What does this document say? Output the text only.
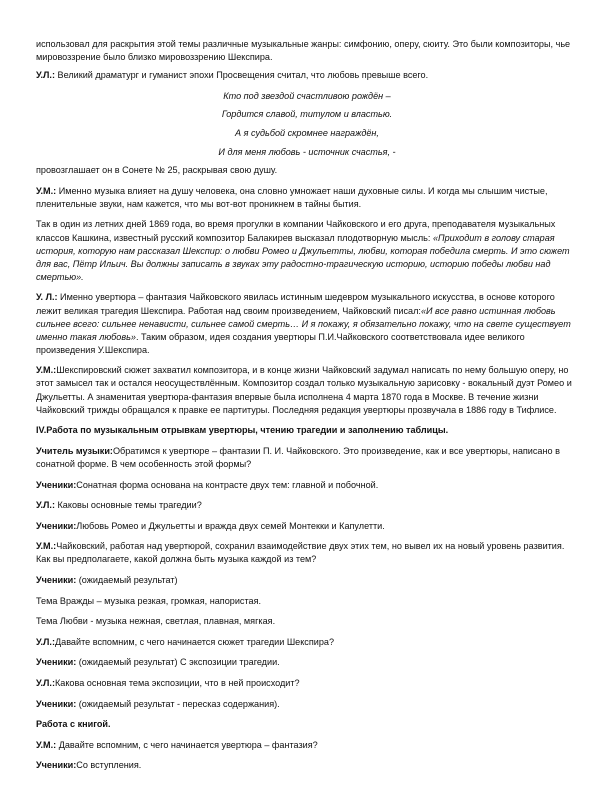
использовал для раскрытия этой темы различные музыкальные жанры: симфонию, оперу, сюиту. Это были композиторы, чье мировоззрение было близко мировоззрению Шекспира.

У.Л.: Великий драматург и гуманист эпохи Просвещения считал, что любовь превыше всего.

Кто под звездой счастливою рождён –

Гордится славой, титулом и властью.

А я судьбой скромнее награждён,

И для меня любовь - источник счастья, -

провозглашает он в Сонете № 25, раскрывая свою душу.

У.М.: Именно музыка влияет на душу человека, она словно умножает наши духовные силы. И когда мы слышим чистые, пленительные звуки, нам кажется, что мы вот-вот проникнем в тайны бытия.

Так в один из летних дней 1869 года, во время прогулки в компании Чайковского и его друга, преподавателя музыкальных классов Кашкина, известный русский композитор Балакирев высказал плодотворную мысль: «Приходит в голову старая история, которую нам рассказал Шекспир: о любви Ромео и Джульетты, любви, которая победила смерть. И это сюжет для вас, Пётр Ильич. Вы должны записать в звуках эту радостно-трагическую историю, историю победы любви над смертью».

У. Л.: Именно увертюра – фантазия Чайковского явилась истинным шедевром музыкального искусства, в основе которого лежит великая трагедия Шекспира. Работая над своим произведением, Чайковский писал:«И все равно истинная любовь сильнее всего: сильнее ненависти, сильнее самой смерть… И я покажу, я обязательно покажу, что на свете существует именно такая любовь». Таким образом, идея создания увертюры П.И.Чайковского соответствовала идее великого произведения У.Шекспира.

У.М.:Шекспировский сюжет захватил композитора, и в конце жизни Чайковский задумал написать по нему большую оперу, но этот замысел так и остался неосуществлённым. Композитор создал только музыкальную зарисовку - вокальный дуэт Ромео и Джульетты. А знаменитая увертюра-фантазия впервые была исполнена 4 марта 1870 года в Москве. В течение жизни Чайковский трижды обращался к правке ее партитуры. Последняя редакция увертюры прозвучала в 1886 году в Тифлисе.

IV.Работа по музыкальным отрывкам увертюры, чтению трагедии и заполнению таблицы.

Учитель музыки:Обратимся к увертюре – фантазии П. И. Чайковского. Это произведение, как и все увертюры, написано в сонатной форме. В чем особенность этой формы?

Ученики:Сонатная форма основана на контрасте двух тем: главной и побочной.

У.Л.: Каковы основные темы трагедии?

Ученики:Любовь Ромео и Джульетты и вражда двух семей Монтекки и Капулетти.

У.М.:Чайковский, работая над увертюрой, сохранил взаимодействие двух этих тем, но вывел их на новый уровень развития. Как вы предполагаете, какой должна быть музыка каждой из тем?

Ученики: (ожидаемый результат)

Тема Вражды – музыка резкая, громкая, напористая.

Тема Любви - музыка нежная, светлая, плавная, мягкая.

У.Л.:Давайте вспомним, с чего начинается сюжет трагедии Шекспира?

Ученики: (ожидаемый результат) С экспозиции трагедии.

У.Л.:Какова основная тема экспозиции, что в ней происходит?

Ученики: (ожидаемый результат - пересказ содержания).

Работа с книгой.

У.М.: Давайте вспомним, с чего начинается увертюра – фантазия?

Ученики:Со вступления.
